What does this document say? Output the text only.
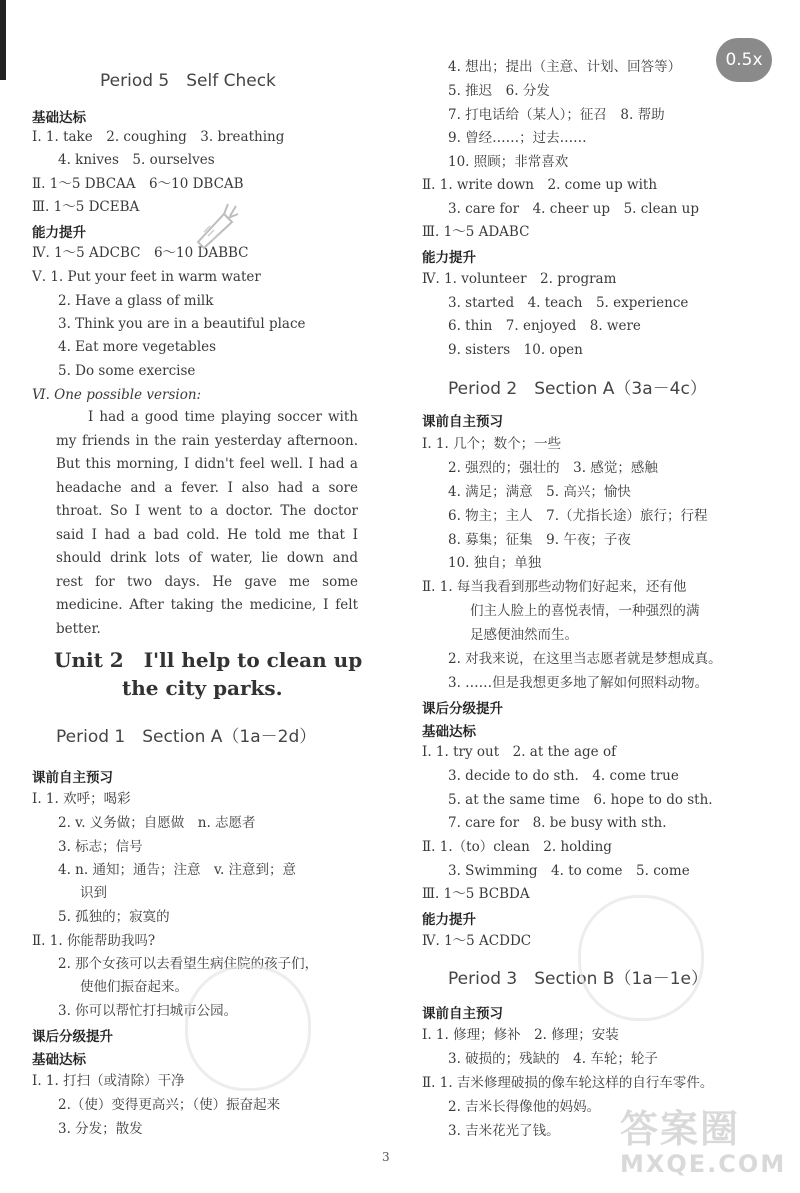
Period 5　Self Check
基础达标
Ⅰ. 1. take　2. coughing　3. breathing
4. knives　5. ourselves
Ⅱ. 1～5 DBCAA　6～10 DBCAB
Ⅲ. 1～5 DCEBA
能力提升
Ⅳ. 1～5 ADCBC　6～10 DABBC
Ⅴ. 1. Put your feet in warm water
2. Have a glass of milk
3. Think you are in a beautiful place
4. Eat more vegetables
5. Do some exercise
Ⅵ. One possible version:
I had a good time playing soccer with my friends in the rain yesterday afternoon. But this morning, I didn't feel well. I had a headache and a fever. I also had a sore throat. So I went to a doctor. The doctor said I had a bad cold. He told me that I should drink lots of water, lie down and rest for two days. He gave me some medicine. After taking the medicine, I felt better.
Unit 2　I'll help to clean up
the city parks.
Period 1　Section A（1a－2d）
课前自主预习
Ⅰ. 1. 欢呼；喝彩
2. v. 义务做；自愿做　n. 志愿者
3. 标志；信号
4. n. 通知；通告；注意　v. 注意到；意
识到
5. 孤独的；寂寞的
Ⅱ. 1. 你能帮助我吗?
2. 那个女孩可以去看望生病住院的孩子们，
使他们振奋起来。
3. 你可以帮忙打扫城市公园。
课后分级提升
基础达标
Ⅰ. 1. 打扫（或清除）干净
2.（使）变得更高兴；（使）振奋起来
3. 分发；散发
4. 想出；提出（主意、计划、回答等）
5. 推迟　6. 分发
7. 打电话给（某人）；征召　8. 帮助
9. 曾经……；过去……
10. 照顾；非常喜欢
Ⅱ. 1. write down　2. come up with
3. care for　4. cheer up　5. clean up
Ⅲ. 1～5 ADABC
能力提升
Ⅳ. 1. volunteer　2. program
3. started　4. teach　5. experience
6. thin　7. enjoyed　8. were
9. sisters　10. open
Period 2　Section A（3a－4c）
课前自主预习
Ⅰ. 1. 几个；数个；一些
2. 强烈的；强壮的　3. 感觉；感触
4. 满足；满意　5. 高兴；愉快
6. 物主；主人　7.（尤指长途）旅行；行程
8. 募集；征集　9. 午夜；子夜
10. 独自；单独
Ⅱ. 1. 每当我看到那些动物们好起来，还有他
们主人脸上的喜悦表情，一种强烈的满
足感便油然而生。
2. 对我来说，在这里当志愿者就是梦想成真。
3. ……但是我想更多地了解如何照料动物。
课后分级提升
基础达标
Ⅰ. 1. try out　2. at the age of
3. decide to do sth.　4. come true
5. at the same time　6. hope to do sth.
7. care for　8. be busy with sth.
Ⅱ. 1.（to）clean　2. holding
3. Swimming　4. to come　5. come
Ⅲ. 1～5 BCBDA
能力提升
Ⅳ. 1～5 ACDDC
Period 3　Section B（1a－1e）
课前自主预习
Ⅰ. 1. 修理；修补　2. 修理；安装
3. 破损的；残缺的　4. 车轮；轮子
Ⅱ. 1. 吉米修理破损的像车轮这样的自行车零件。
2. 吉米长得像他的妈妈。
3. 吉米花光了钱。 答案圈
MXQE.COM
3
0.5x
